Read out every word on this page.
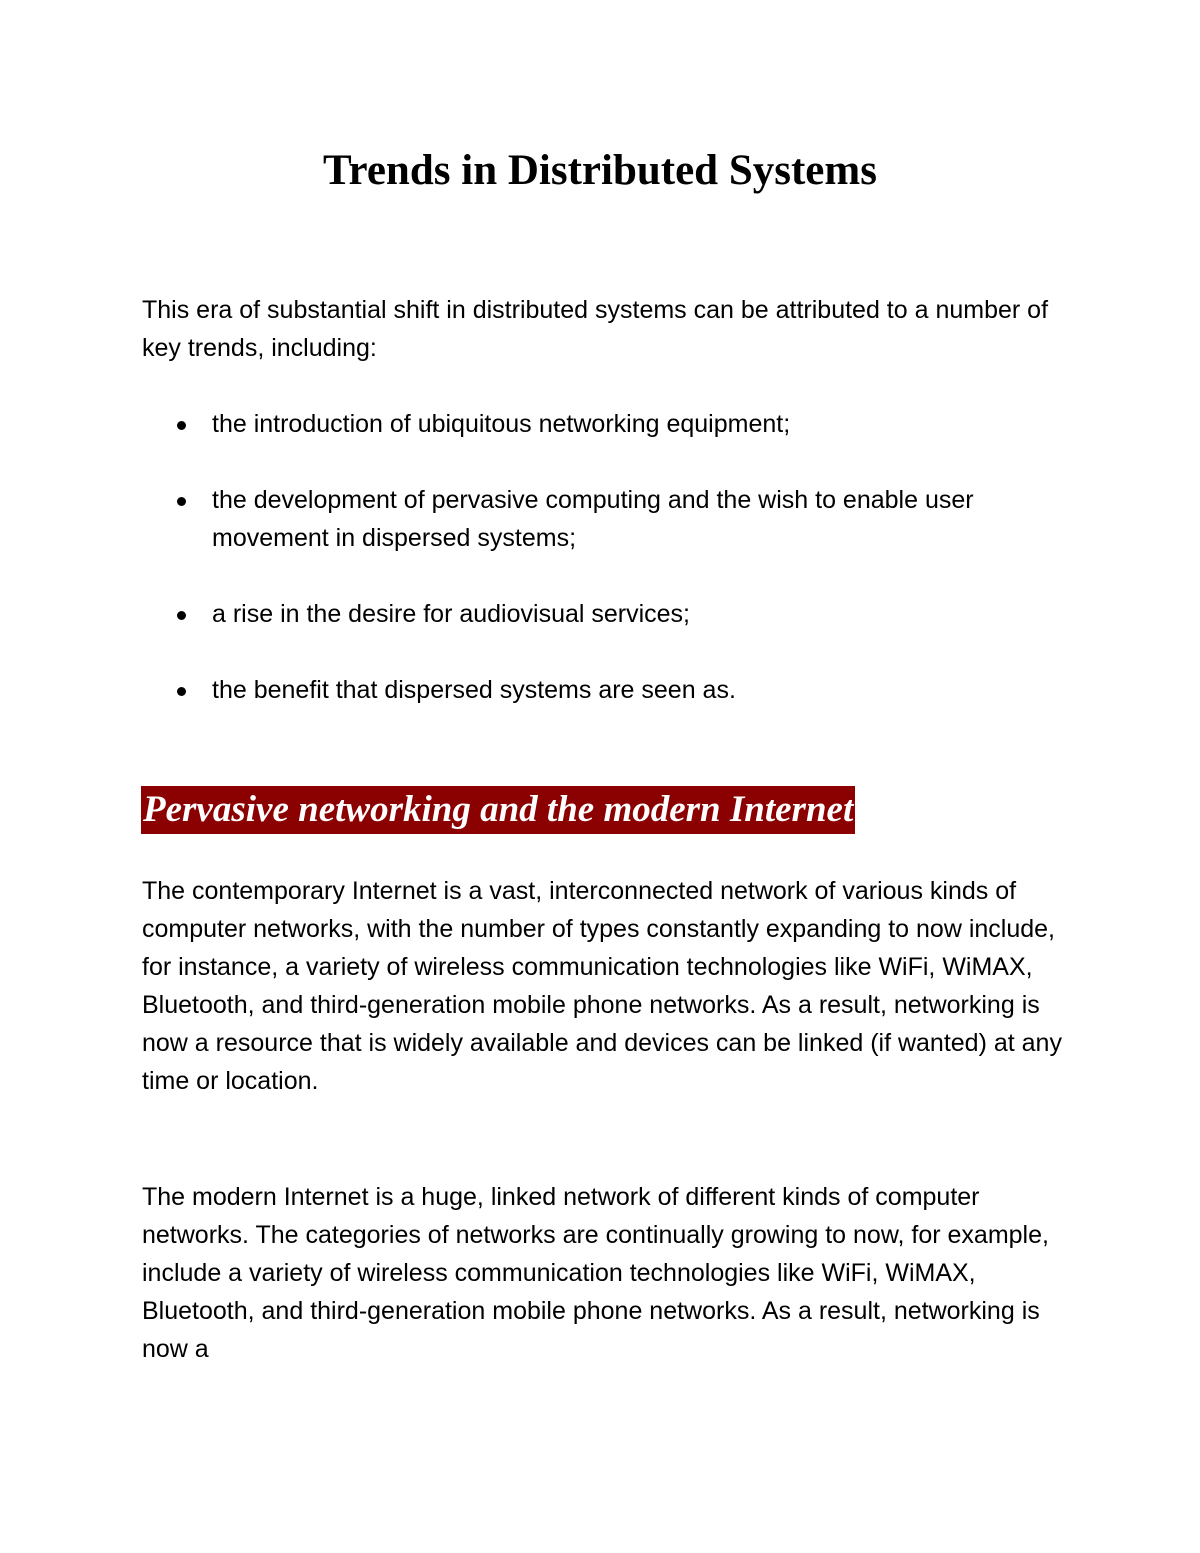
Trends in Distributed Systems

This era of substantial shift in distributed systems can be attributed to a number of key trends, including:

the introduction of ubiquitous networking equipment;
the development of pervasive computing and the wish to enable user movement in dispersed systems;
a rise in the desire for audiovisual services;
the benefit that dispersed systems are seen as.
Pervasive networking and the modern Internet

The contemporary Internet is a vast, interconnected network of various kinds of computer networks, with the number of types constantly expanding to now include, for instance, a variety of wireless communication technologies like WiFi, WiMAX, Bluetooth, and third-generation mobile phone networks. As a result, networking is now a resource that is widely available and devices can be linked (if wanted) at any time or location.

The modern Internet is a huge, linked network of different kinds of computer networks. The categories of networks are continually growing to now, for example, include a variety of wireless communication technologies like WiFi, WiMAX, Bluetooth, and third-generation mobile phone networks. As a result, networking is now a
